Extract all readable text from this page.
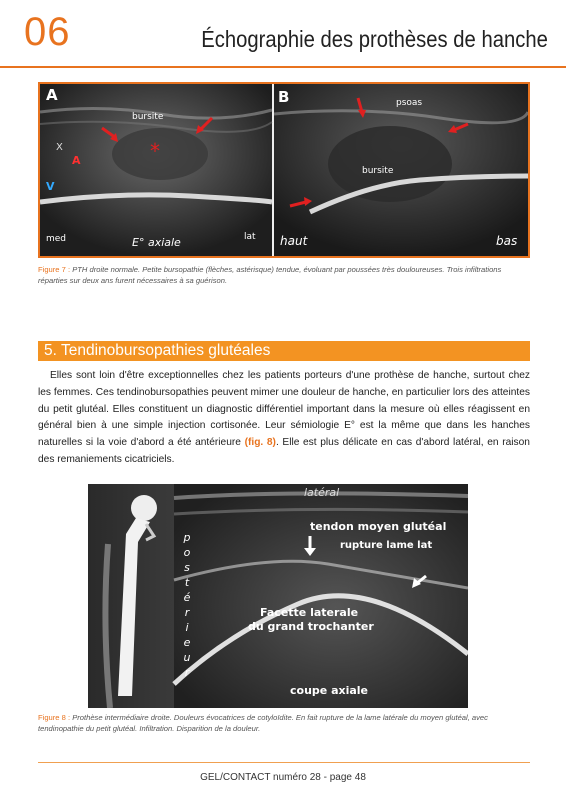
06	Échographie des prothèses de hanche
*
A	B
bursite
X
A
V
med	E° axiale	lat
psoas
bursite
haut	bas
Figure 7 : PTH droite normale. Petite bursopathie (flèches, astérisque) tendue, évoluant par poussées très douloureuses. Trois infiltrations réparties sur deux ans furent nécessaires à sa guérison.
5. Tendinobursopathies glutéales
Elles sont loin d'être exceptionnelles chez les patients porteurs d'une prothèse de hanche, surtout chez les femmes. Ces tendinobursopathies peuvent mimer une douleur de hanche, en particulier lors des atteintes du petit glutéal. Elles constituent un diagnostic différentiel important dans la mesure où elles réagissent en général bien à une simple injection cortisonée. Leur sémiologie E° est la même que dans les hanches naturelles si la voie d'abord a été antérieure (fig. 8). Elle est plus délicate en cas d'abord latéral, en raison des remaniements cicatriciels.
p
o
s
t
é
r
i
e
u
r
latéral
tendon moyen glutéal
rupture lame lat
Facette laterale
du grand trochanter
coupe axiale
Figure 8 : Prothèse intermédiaire droite. Douleurs évocatrices de cotyloïdite. En fait rupture de la lame latérale du moyen glutéal, avec tendinopathie du petit glutéal. Infiltration. Disparition de la douleur.
GEL/CONTACT numéro 28 - page 48
